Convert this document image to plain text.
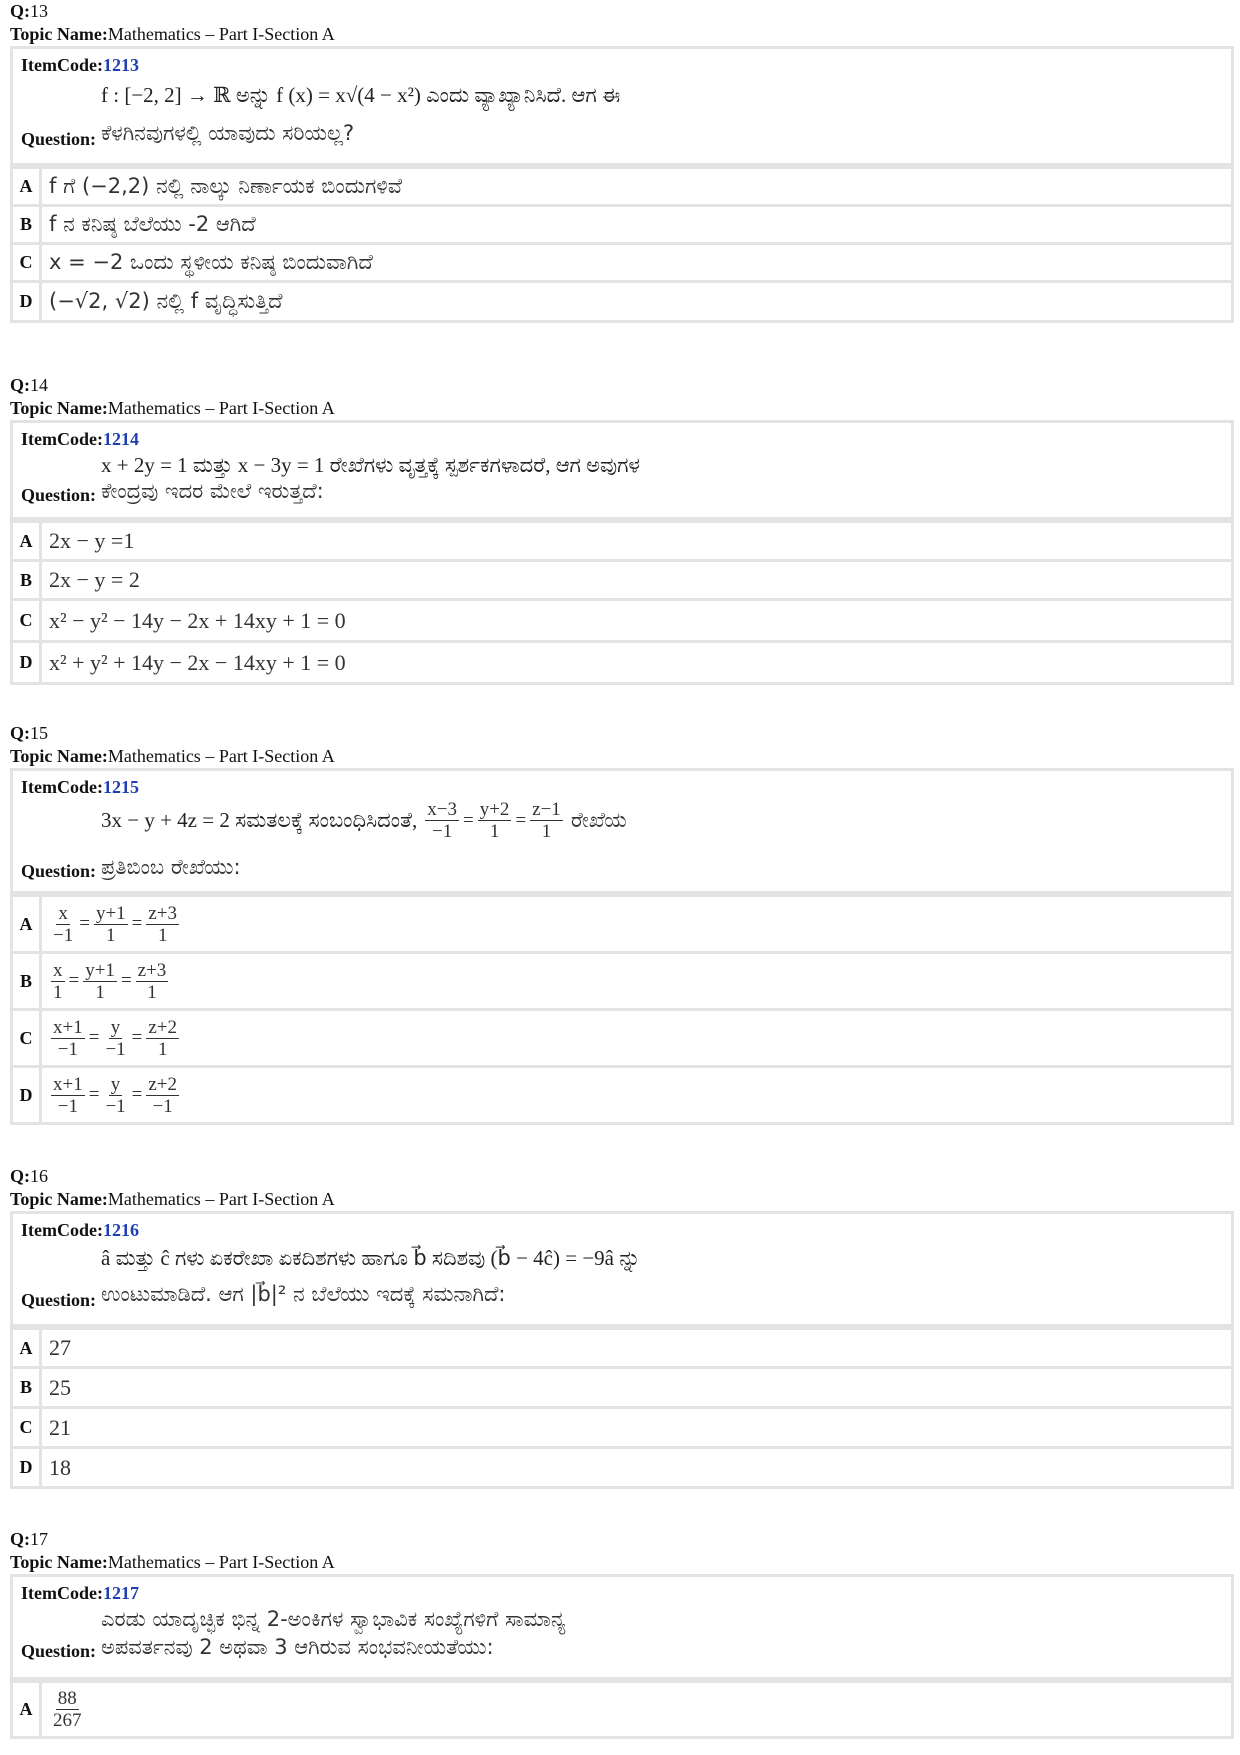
Q:13
Topic Name:Mathematics – Part I-Section A
ItemCode:1213
f : [−2, 2] → ℝ ಅನ್ನು f (x) = x√(4 − x²) ಎಂದು ವ್ಯಾಖ್ಯಾನಿಸಿದೆ. ಆಗ ಈ
Question: ಕೆಳಗಿನವುಗಳಲ್ಲಿ ಯಾವುದು ಸರಿಯಲ್ಲ?
A f ಗೆ (−2,2) ನಲ್ಲಿ ನಾಲ್ಕು ನಿರ್ಣಾಯಕ ಬಿಂದುಗಳಿವೆ
B f ನ ಕನಿಷ್ಠ ಬೆಲೆಯು -2 ಆಗಿದೆ
C x = −2 ಒಂದು ಸ್ಥಳೀಯ ಕನಿಷ್ಠ ಬಿಂದುವಾಗಿದೆ
D (−√2, √2) ನಲ್ಲಿ f ವೃದ್ಧಿಸುತ್ತಿದೆ
Q:14
Topic Name:Mathematics – Part I-Section A
ItemCode:1214
x + 2y = 1 ಮತ್ತು x − 3y = 1 ರೇಖೆಗಳು ವೃತ್ತಕ್ಕೆ ಸ್ಪರ್ಶಕಗಳಾದರೆ, ಆಗ ಅವುಗಳ
Question: ಕೇಂದ್ರವು ಇದರ ಮೇಲೆ ಇರುತ್ತದೆ:
A 2x − y =1
B 2x − y = 2
C x² − y² − 14y − 2x + 14xy + 1 = 0
D x² + y² + 14y − 2x − 14xy + 1 = 0
Q:15
Topic Name:Mathematics – Part I-Section A
ItemCode:1215
3x − y + 4z = 2 ಸಮತಲಕ್ಕೆ ಸಂಬಂಧಿಸಿದಂತೆ, $\frac{x-3}{-1} = \frac{y+2}{1} = \frac{z-1}{1}$ ರೇಖೆಯ
Question: ಪ್ರತಿಬಿಂಬ ರೇಖೆಯು:
A $\frac{x}{-1} = \frac{y+1}{1} = \frac{z+3}{1}$
B	$\frac{x}{1} = \frac{y+1}{1} = \frac{z+3}{1}$
C $\frac{x+1}{-1} = \frac{y}{-1} = \frac{z+2}{1}$
D $\frac{x+1}{-1} = \frac{y}{-1} = \frac{z+2}{-1}$
Q:16
Topic Name:Mathematics – Part I-Section A
ItemCode:1216
â ಮತ್ತು ĉ ಗಳು ಏಕರೇಖಾ ಏಕದಿಶಗಳು ಹಾಗೂ b⃗ ಸದಿಶವು (b⃗ − 4ĉ) = −9â ನ್ನು
Question: ಉಂಟುಮಾಡಿದೆ. ಆಗ |b⃗|² ನ ಬೆಲೆಯು ಇದಕ್ಕೆ ಸಮನಾಗಿದೆ:
A 27
B 25
C 21
D 18
Q:17
Topic Name:Mathematics – Part I-Section A
ItemCode:1217
ಎರಡು ಯಾದೃಚ್ಛಿಕ ಭಿನ್ನ 2-ಅಂಕಿಗಳ ಸ್ವಾಭಾವಿಕ ಸಂಖ್ಯೆಗಳಿಗೆ ಸಾಮಾನ್ಯ
Question: ಅಪವರ್ತನವು 2 ಅಥವಾ 3 ಆಗಿರುವ ಸಂಭವನೀಯತೆಯು:
A $\frac{88}{267}$
